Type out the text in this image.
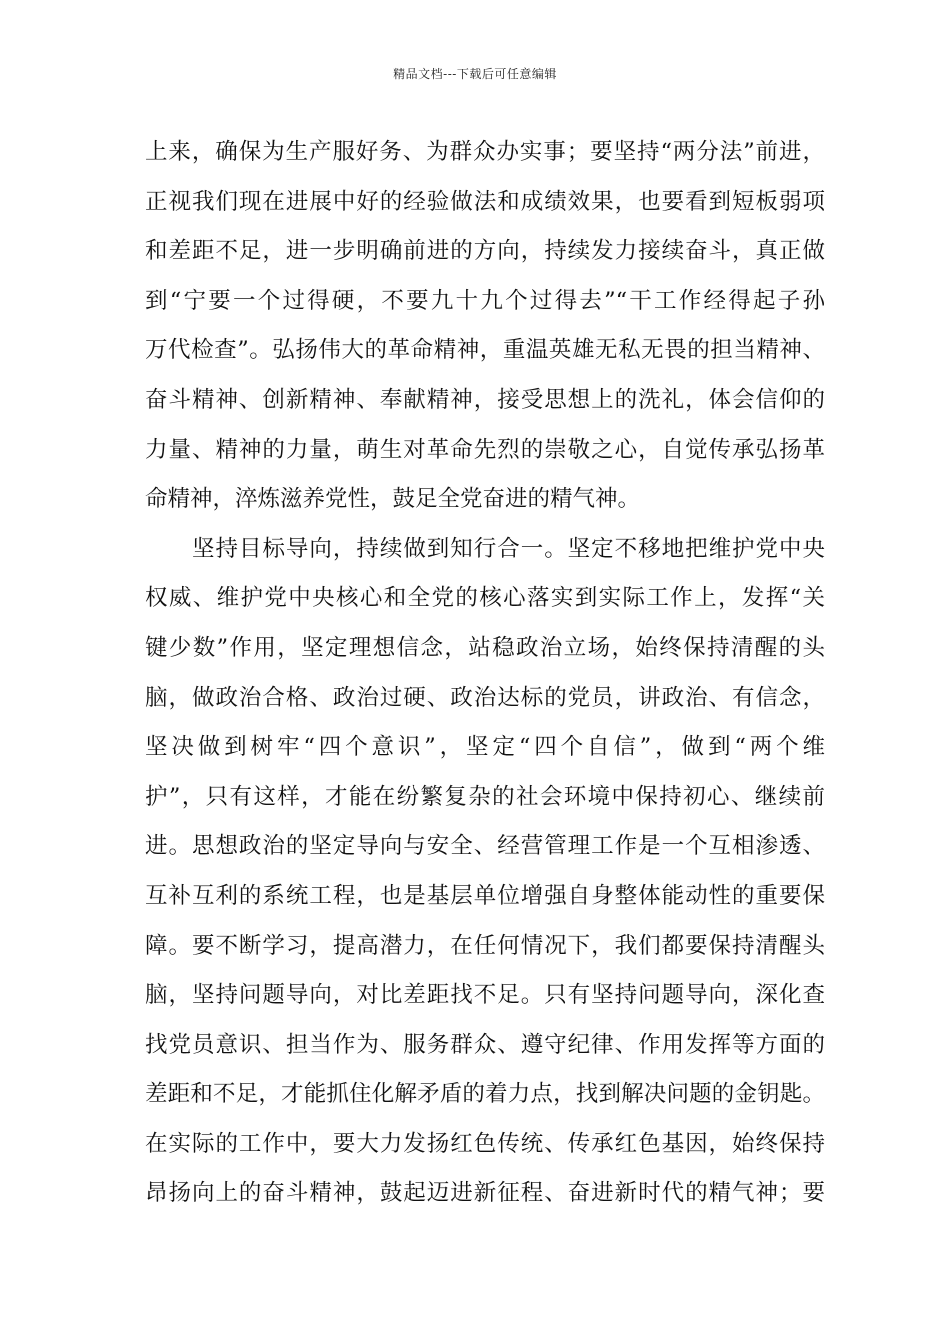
精品文档---下载后可任意编辑
上来，确保为生产服好务、为群众办实事；要坚持“两分法”前进，
正视我们现在进展中好的经验做法和成绩效果，也要看到短板弱项
和差距不足，进一步明确前进的方向，持续发力接续奋斗，真正做
到“宁要一个过得硬，不要九十九个过得去”“干工作经得起子孙
万代检查”。弘扬伟大的革命精神，重温英雄无私无畏的担当精神、
奋斗精神、创新精神、奉献精神，接受思想上的洗礼，体会信仰的
力量、精神的力量，萌生对革命先烈的崇敬之心，自觉传承弘扬革
命精神，淬炼滋养党性，鼓足全党奋进的精气神。
坚持目标导向，持续做到知行合一。坚定不移地把维护党中央
权威、维护党中央核心和全党的核心落实到实际工作上，发挥“关
键少数”作用，坚定理想信念，站稳政治立场，始终保持清醒的头
脑，做政治合格、政治过硬、政治达标的党员，讲政治、有信念，
坚决做到树牢“四个意识”，坚定“四个自信”，做到“两个维
护”，只有这样，才能在纷繁复杂的社会环境中保持初心、继续前
进。思想政治的坚定导向与安全、经营管理工作是一个互相渗透、
互补互利的系统工程，也是基层单位增强自身整体能动性的重要保
障。要不断学习，提高潜力，在任何情况下，我们都要保持清醒头
脑，坚持问题导向，对比差距找不足。只有坚持问题导向，深化查
找党员意识、担当作为、服务群众、遵守纪律、作用发挥等方面的
差距和不足，才能抓住化解矛盾的着力点，找到解决问题的金钥匙。
在实际的工作中，要大力发扬红色传统、传承红色基因，始终保持
昂扬向上的奋斗精神，鼓起迈进新征程、奋进新时代的精气神；要
